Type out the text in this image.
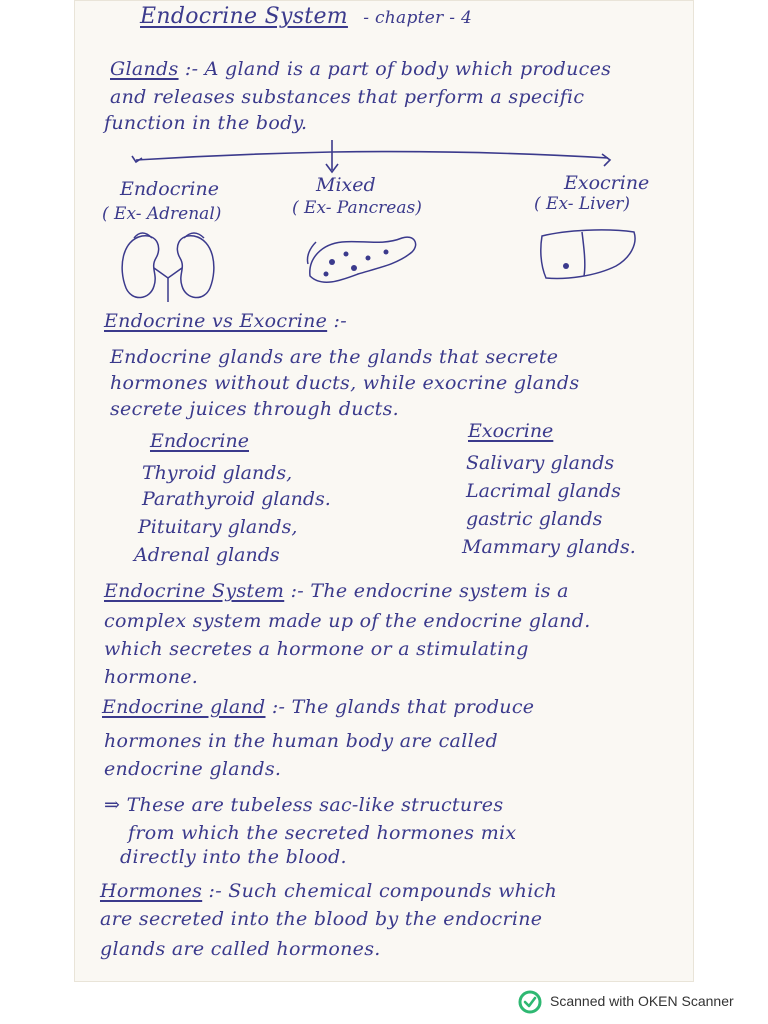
Endocrine System - chapter - 4
Glands :- A gland is a part of body which produces
and releases substances that perform a specific
function in the body.
Endocrine
( Ex- Adrenal)
Mixed
( Ex- Pancreas)
Exocrine
( Ex- Liver)
Endocrine vs Exocrine :-
Endocrine glands are the glands that secrete
hormones without ducts, while exocrine glands
secrete juices through ducts.
Endocrine	Exocrine
Thyroid glands,
Parathyroid glands.
Pituitary glands,
Adrenal glands
Salivary glands
Lacrimal glands
gastric glands
Mammary glands.
Endocrine System :- The endocrine system is a
complex system made up of the endocrine gland.
which secretes a hormone or a stimulating
hormone.
Endocrine gland :- The glands that produce
hormones in the human body are called
endocrine glands.
⇒ These are tubeless sac-like structures
from which the secreted hormones mix
directly into the blood.
Hormones :- Such chemical compounds which
are secreted into the blood by the endocrine
glands are called hormones.
Scanned with OKEN Scanner
